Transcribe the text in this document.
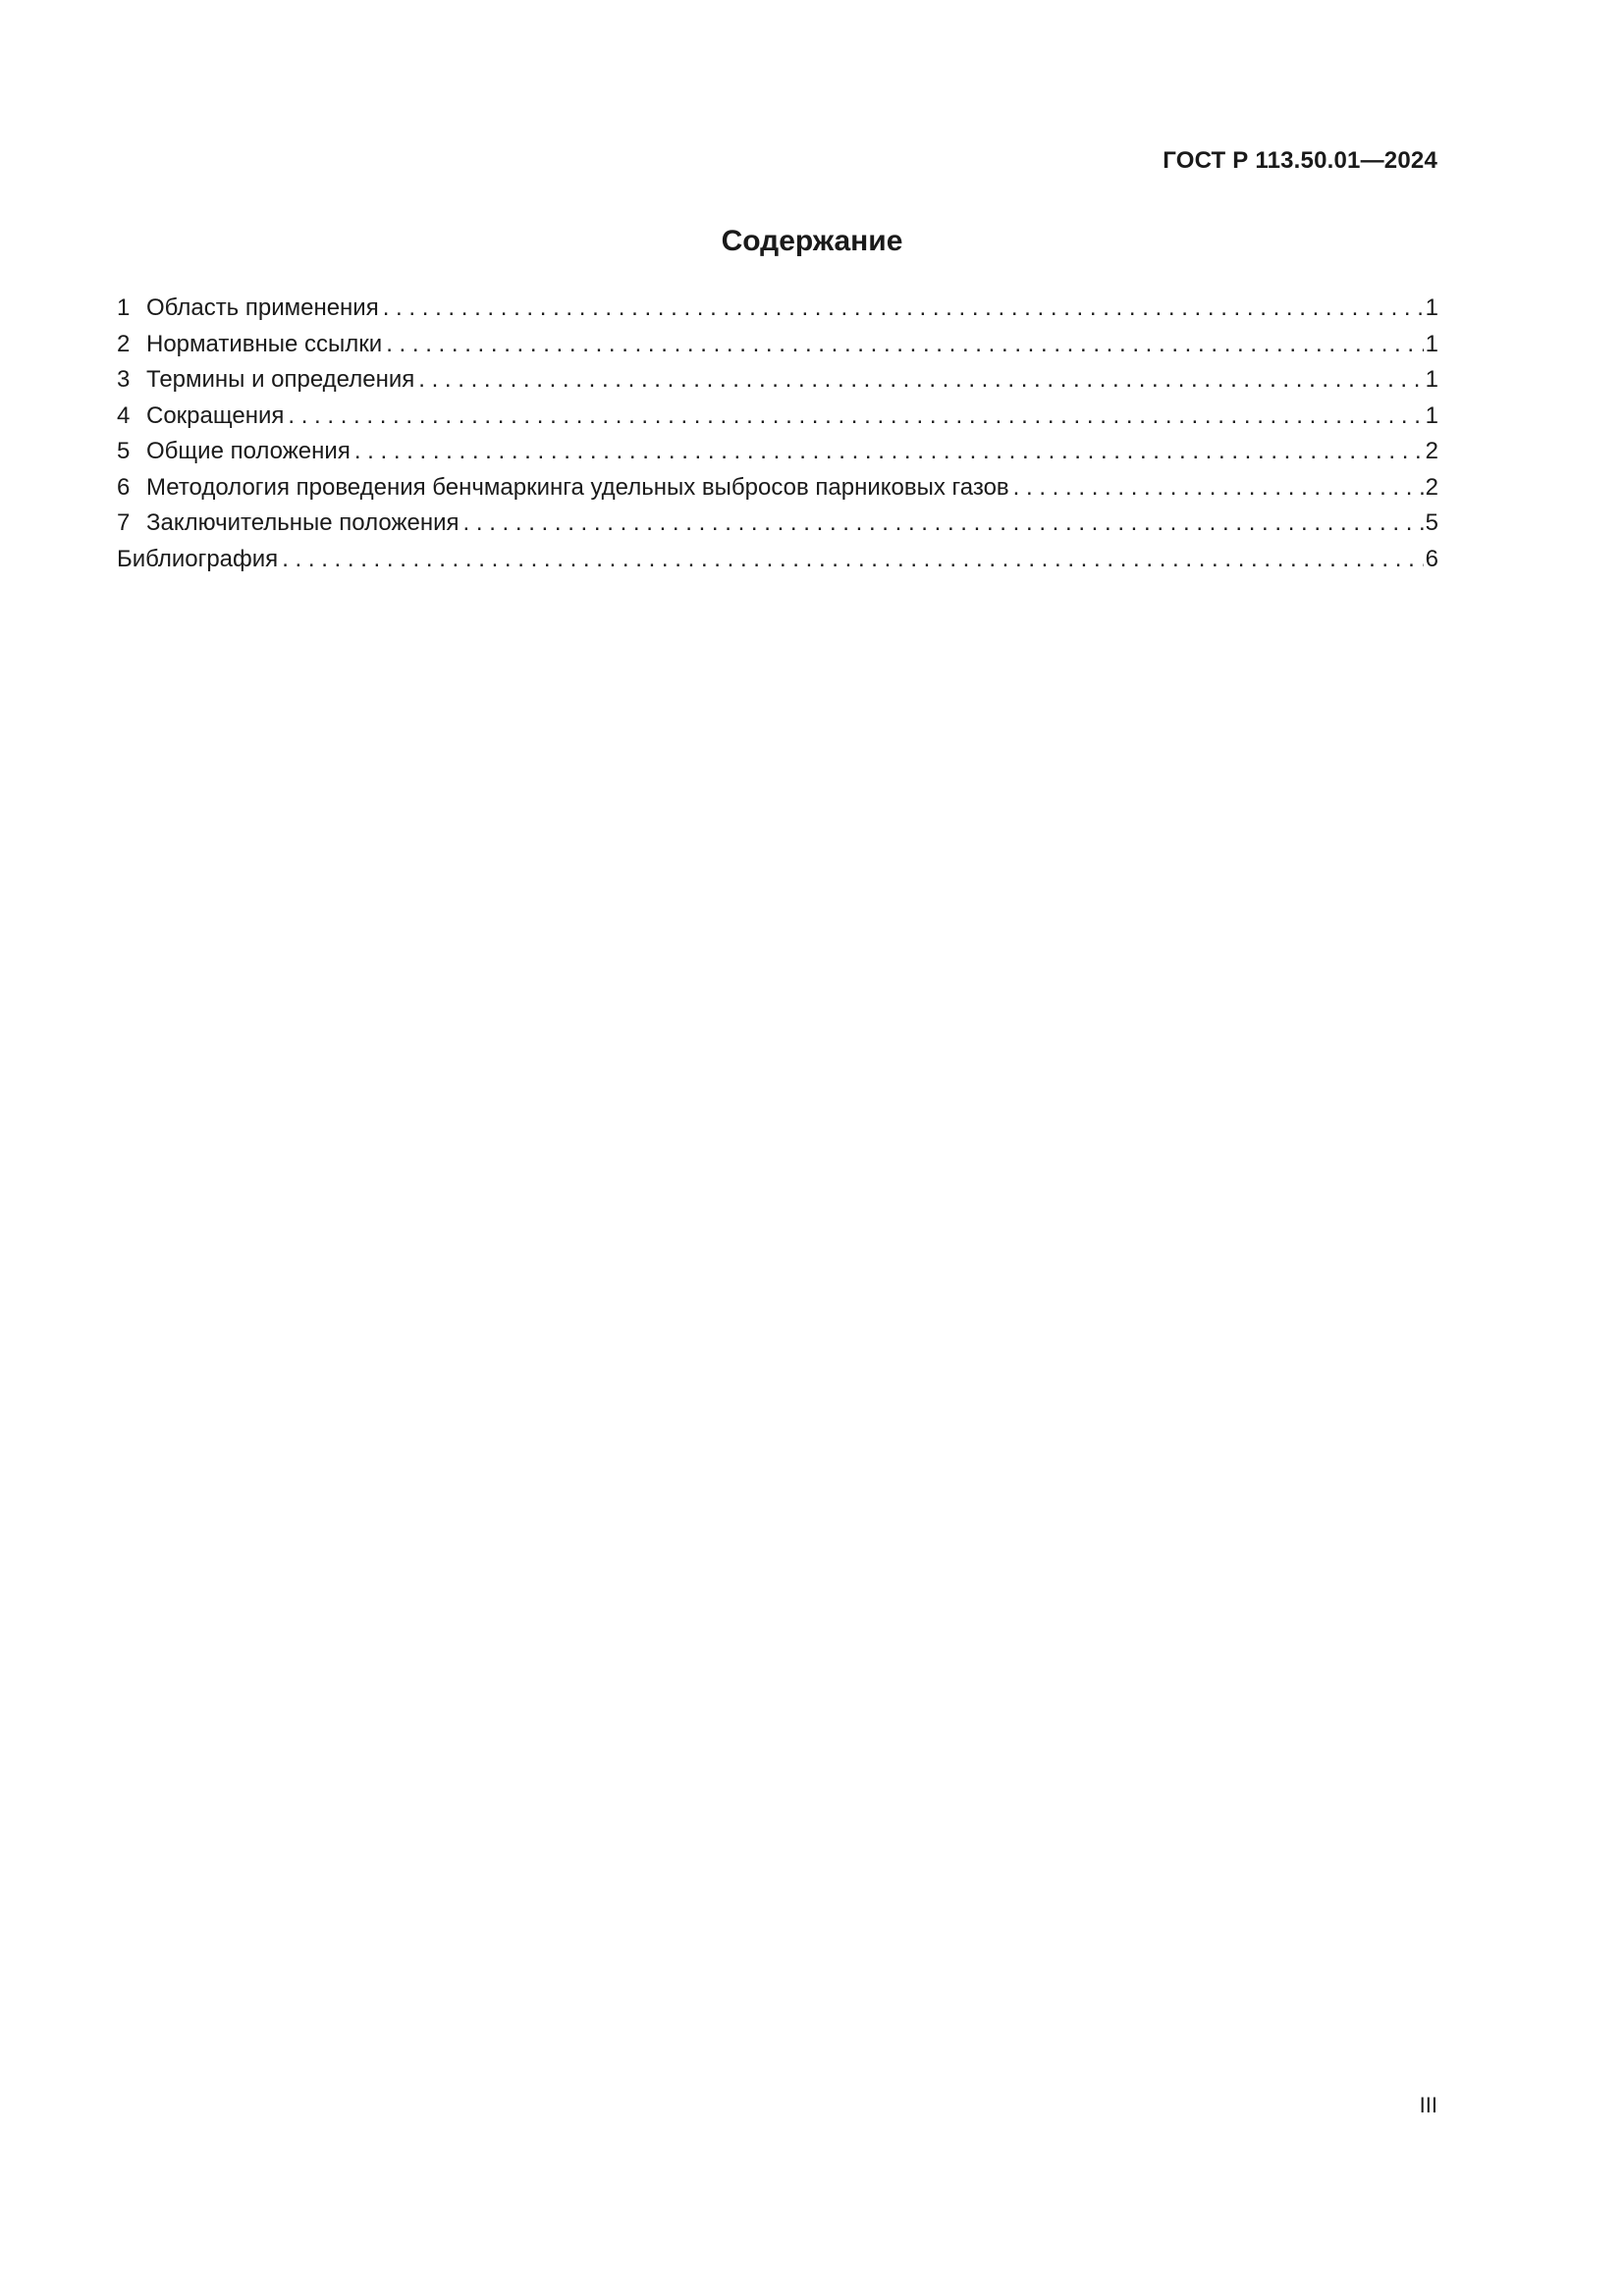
ГОСТ Р 113.50.01—2024
Содержание
1 Область применения . . .	1
2 Нормативные ссылки . . .	1
3 Термины и определения . . .	1
4 Сокращения . . .	1
5 Общие положения . . .	2
6 Методология проведения бенчмаркинга удельных выбросов парниковых газов . . .	2
7 Заключительные положения . . .	5
Библиография . . .	6
III
